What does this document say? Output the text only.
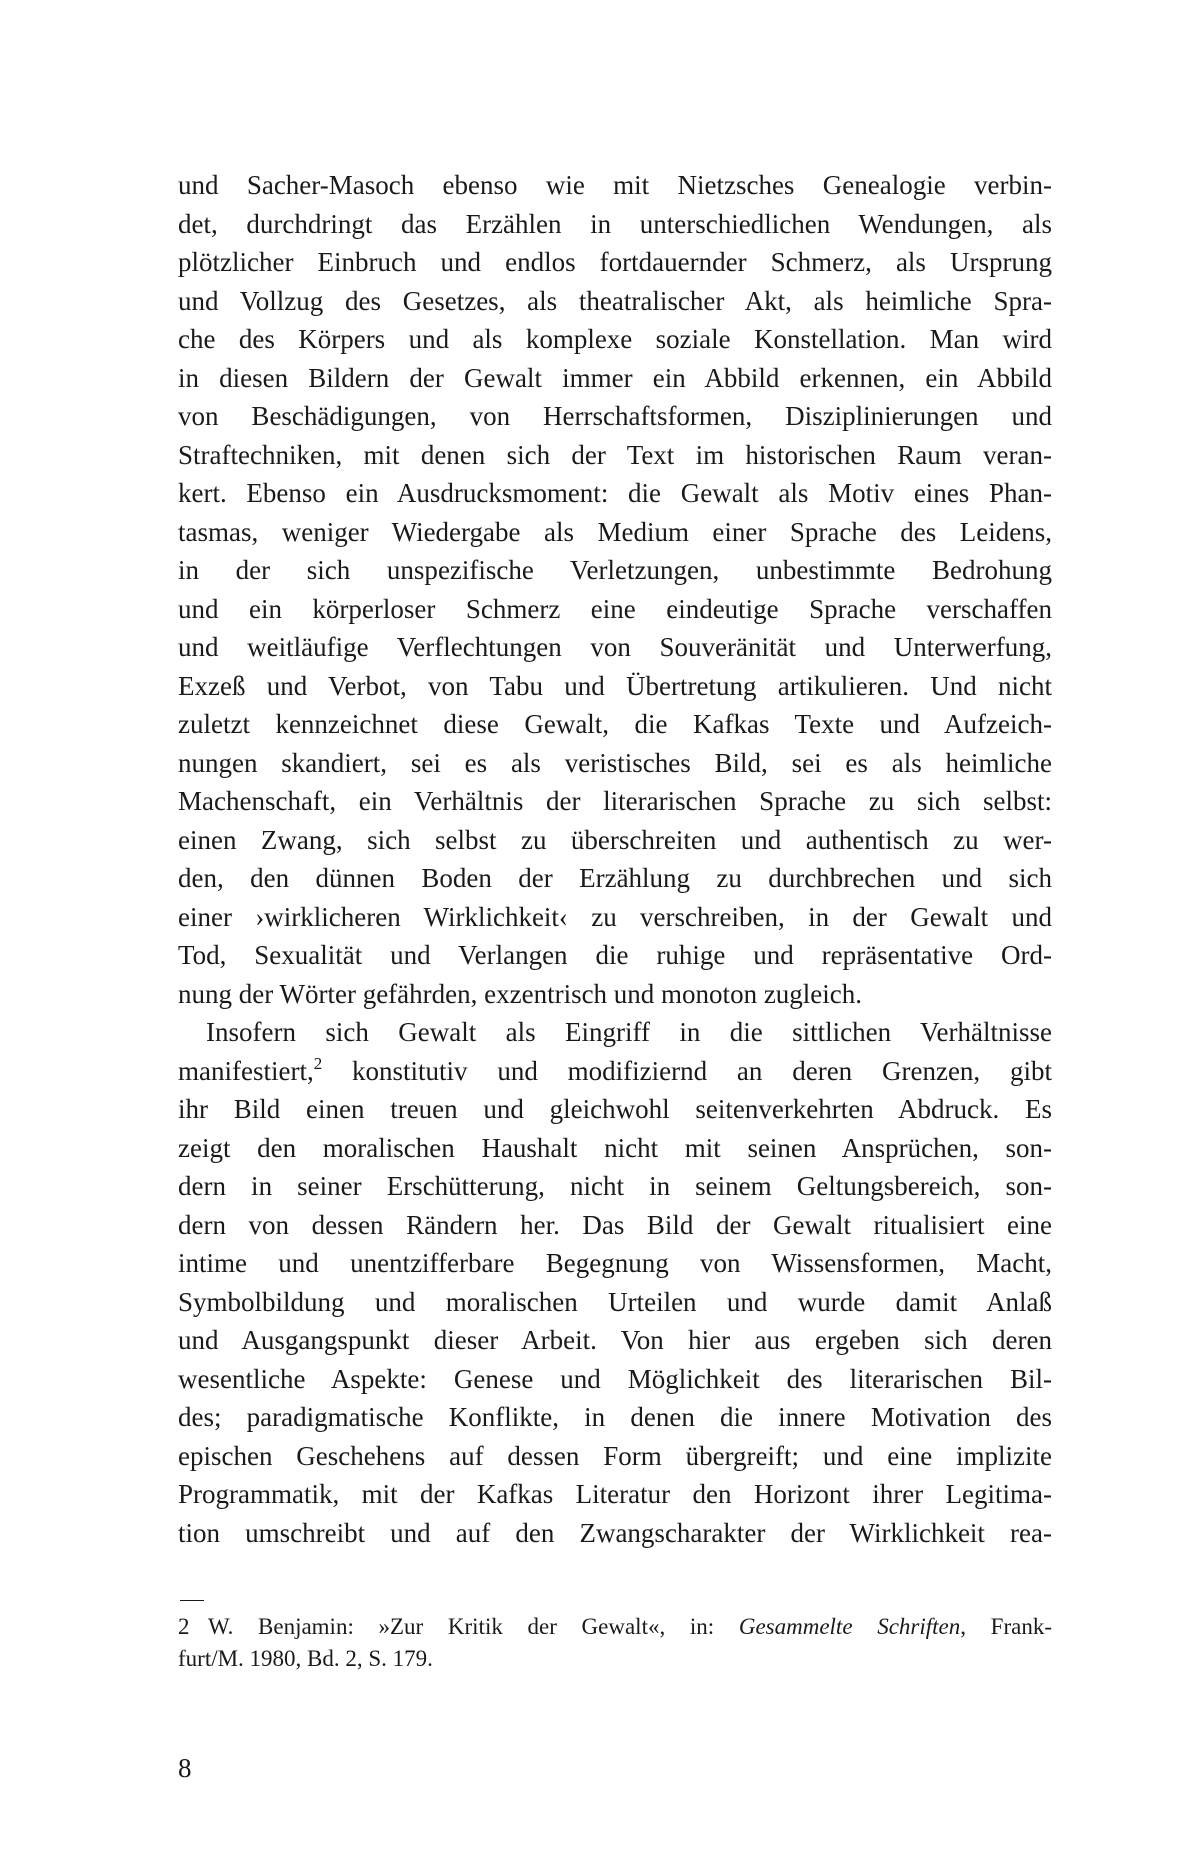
und Sacher-Masoch ebenso wie mit Nietzsches Genealogie verbin-
det, durchdringt das Erzählen in unterschiedlichen Wendungen, als
plötzlicher Einbruch und endlos fortdauernder Schmerz, als Ursprung
und Vollzug des Gesetzes, als theatralischer Akt, als heimliche Spra-
che des Körpers und als komplexe soziale Konstellation. Man wird
in diesen Bildern der Gewalt immer ein Abbild erkennen, ein Abbild
von Beschädigungen, von Herrschaftsformen, Disziplinierungen und
Straftechniken, mit denen sich der Text im historischen Raum veran-
kert. Ebenso ein Ausdrucksmoment: die Gewalt als Motiv eines Phan-
tasmas, weniger Wiedergabe als Medium einer Sprache des Leidens,
in der sich unspezifische Verletzungen, unbestimmte Bedrohung
und ein körperloser Schmerz eine eindeutige Sprache verschaffen
und weitläufige Verflechtungen von Souveränität und Unterwerfung,
Exzeß und Verbot, von Tabu und Übertretung artikulieren. Und nicht
zuletzt kennzeichnet diese Gewalt, die Kafkas Texte und Aufzeich-
nungen skandiert, sei es als veristisches Bild, sei es als heimliche
Machenschaft, ein Verhältnis der literarischen Sprache zu sich selbst:
einen Zwang, sich selbst zu überschreiten und authentisch zu wer-
den, den dünnen Boden der Erzählung zu durchbrechen und sich
einer ›wirklicheren Wirklichkeit‹ zu verschreiben, in der Gewalt und
Tod, Sexualität und Verlangen die ruhige und repräsentative Ord-
nung der Wörter gefährden, exzentrisch und monoton zugleich.
Insofern sich Gewalt als Eingriff in die sittlichen Verhältnisse
manifestiert,$^2$ konstitutiv und modifiziernd an deren Grenzen, gibt
ihr Bild einen treuen und gleichwohl seitenverkehrten Abdruck. Es
zeigt den moralischen Haushalt nicht mit seinen Ansprüchen, son-
dern in seiner Erschütterung, nicht in seinem Geltungsbereich, son-
dern von dessen Rändern her. Das Bild der Gewalt ritualisiert eine
intime und unentzifferbare Begegnung von Wissensformen, Macht,
Symbolbildung und moralischen Urteilen und wurde damit Anlaß
und Ausgangspunkt dieser Arbeit. Von hier aus ergeben sich deren
wesentliche Aspekte: Genese und Möglichkeit des literarischen Bil-
des; paradigmatische Konflikte, in denen die innere Motivation des
epischen Geschehens auf dessen Form übergreift; und eine implizite
Programmatik, mit der Kafkas Literatur den Horizont ihrer Legitima-
tion umschreibt und auf den Zwangscharakter der Wirklichkeit rea-
2 W. Benjamin: »Zur Kritik der Gewalt«, in: Gesammelte Schriften, Frank-
furt/M. 1980, Bd. 2, S. 179.
8
